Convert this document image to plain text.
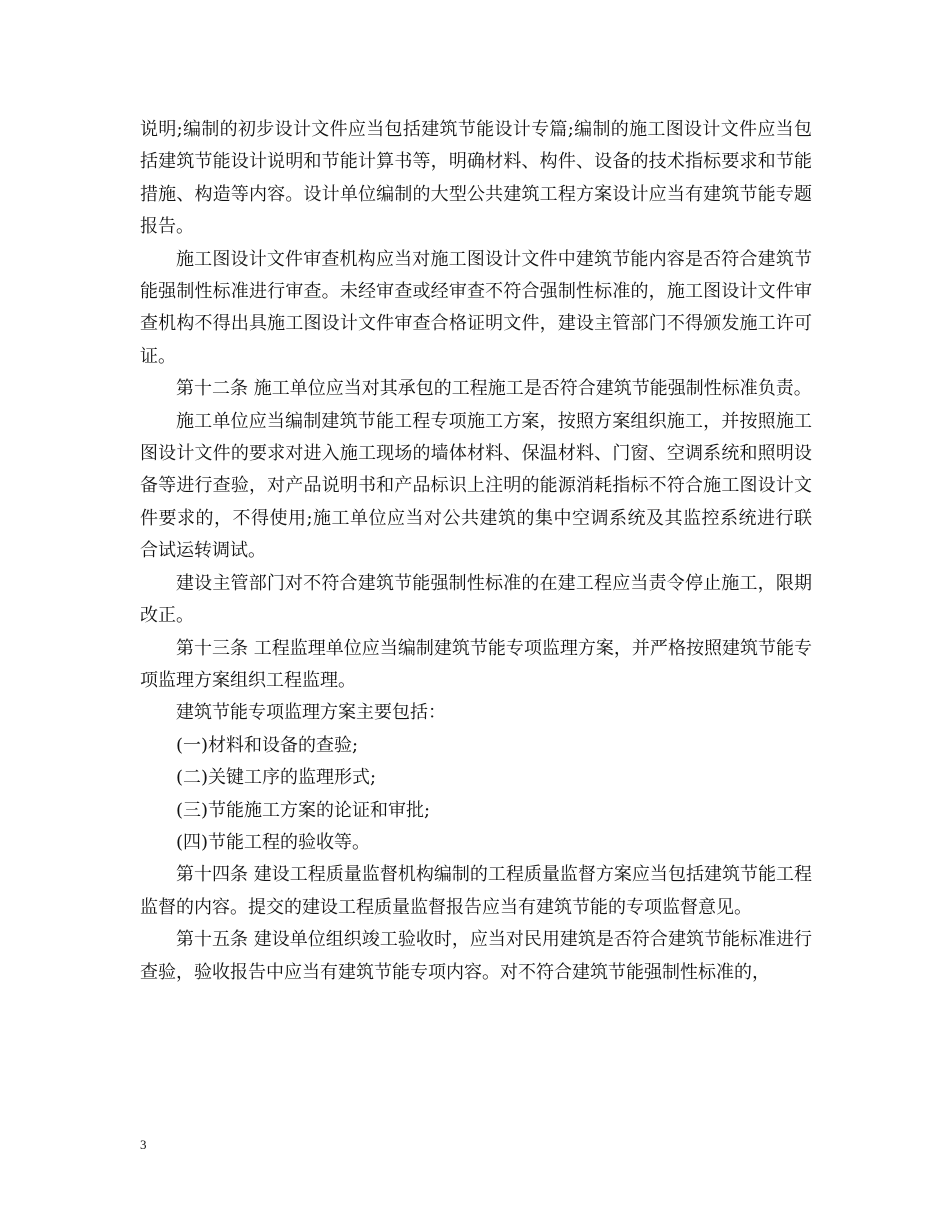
说明;编制的初步设计文件应当包括建筑节能设计专篇;编制的施工图设计文件应当包括建筑节能设计说明和节能计算书等，明确材料、构件、设备的技术指标要求和节能措施、构造等内容。设计单位编制的大型公共建筑工程方案设计应当有建筑节能专题报告。

施工图设计文件审查机构应当对施工图设计文件中建筑节能内容是否符合建筑节能强制性标准进行审查。未经审查或经审查不符合强制性标准的，施工图设计文件审查机构不得出具施工图设计文件审查合格证明文件，建设主管部门不得颁发施工许可证。

第十二条 施工单位应当对其承包的工程施工是否符合建筑节能强制性标准负责。

施工单位应当编制建筑节能工程专项施工方案，按照方案组织施工，并按照施工图设计文件的要求对进入施工现场的墙体材料、保温材料、门窗、空调系统和照明设备等进行查验，对产品说明书和产品标识上注明的能源消耗指标不符合施工图设计文件要求的，不得使用;施工单位应当对公共建筑的集中空调系统及其监控系统进行联合试运转调试。

建设主管部门对不符合建筑节能强制性标准的在建工程应当责令停止施工，限期改正。

第十三条 工程监理单位应当编制建筑节能专项监理方案，并严格按照建筑节能专项监理方案组织工程监理。

建筑节能专项监理方案主要包括：

(一)材料和设备的查验;

(二)关键工序的监理形式;

(三)节能施工方案的论证和审批;

(四)节能工程的验收等。

第十四条 建设工程质量监督机构编制的工程质量监督方案应当包括建筑节能工程监督的内容。提交的建设工程质量监督报告应当有建筑节能的专项监督意见。

第十五条 建设单位组织竣工验收时，应当对民用建筑是否符合建筑节能标准进行查验，验收报告中应当有建筑节能专项内容。对不符合建筑节能强制性标准的，

3
